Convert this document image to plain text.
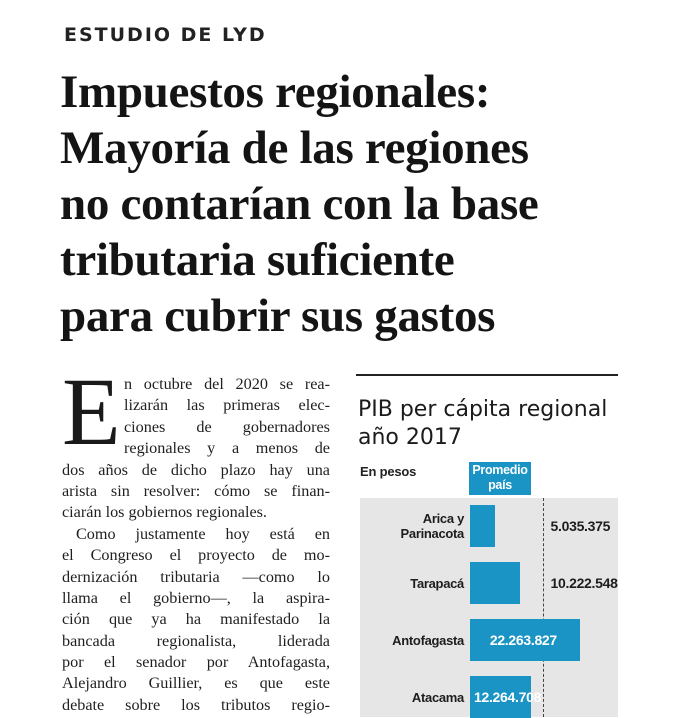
ESTUDIO DE LYD
Impuestos regionales:
Mayoría de las regiones
no contarían con la base
tributaria suficiente
para cubrir sus gastos
E n octubre del 2020 se rea-
lizarán las primeras elec-
ciones de gobernadores
regionales y a menos de
dos años de dicho plazo hay una
arista sin resolver: cómo se finan-
ciarán los gobiernos regionales.
Como justamente hoy está en
el Congreso el proyecto de mo-
dernización tributaria —como lo
llama el gobierno—, la aspira-
ción que ya ha manifestado la
bancada regionalista, liderada
por el senador por Antofagasta,
Alejandro Guillier, es que este
debate sobre los tributos regio-
PIB per cápita regional
año 2017
En pesos	Promedio
país
Arica y
Parinacota	5.035.375
Tarapacá	10.222.548
Antofagasta 22.263.827
Atacama 12.264.708
